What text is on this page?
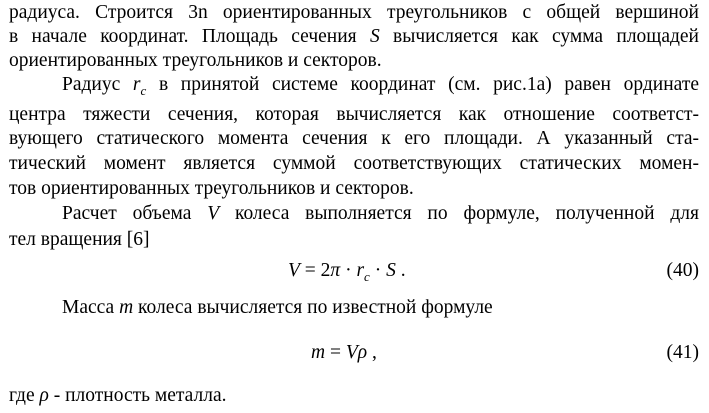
радиуса. Строится 3n ориентированных треугольников с общей вершиной
в начале координат. Площадь сечения S вычисляется как сумма площадей
ориентированных треугольников и секторов.
Радиус $r_c$ в принятой системе координат (см. рис.1а) равен ординате
центра тяжести сечения, которая вычисляется как отношение соответст-
вующего статического момента сечения к его площади. А указанный ста-
тический момент является суммой соответствующих статических момен-
тов ориентированных треугольников и секторов.
Расчет объема V колеса выполняется по формуле, полученной для
тел вращения [6]
$V = 2\pi \cdot r_c \cdot S$ .	(40)
Масса m колеса вычисляется по известной формуле
m = Vρ ,	(41)
где ρ - плотность металла.
